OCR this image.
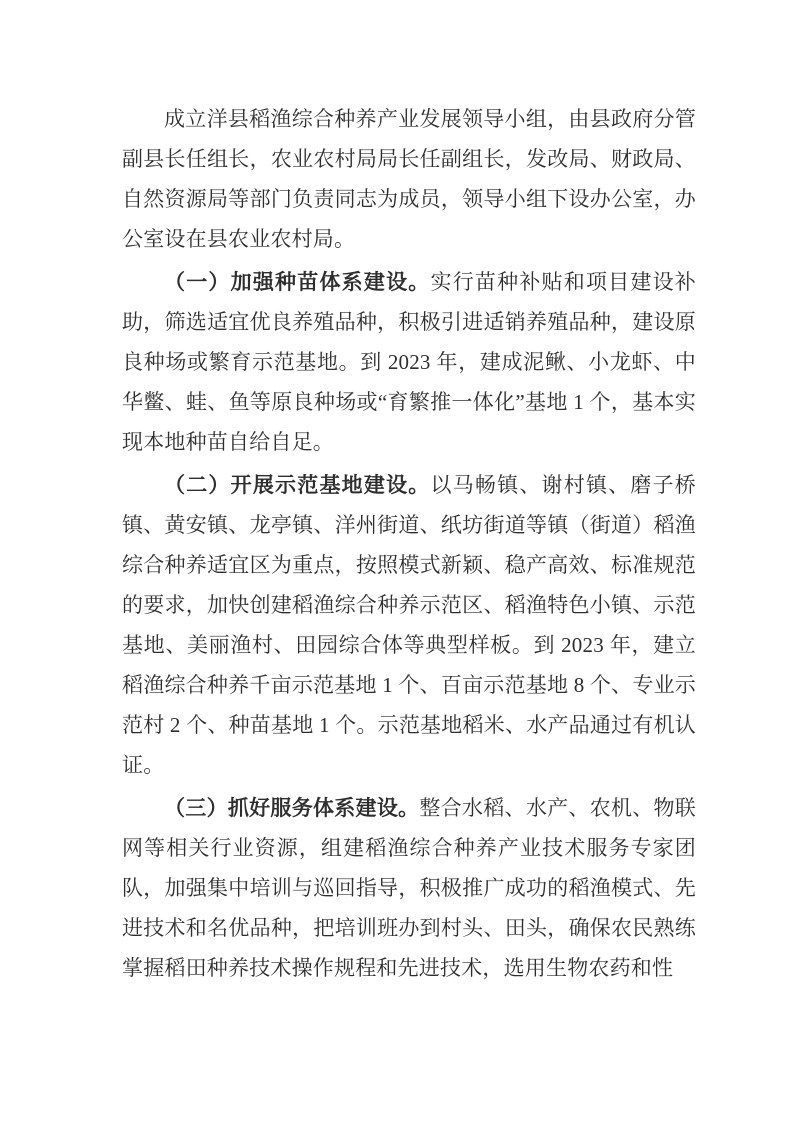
成立洋县稻渔综合种养产业发展领导小组，由县政府分管副县长任组长，农业农村局局长任副组长，发改局、财政局、自然资源局等部门负责同志为成员，领导小组下设办公室，办公室设在县农业农村局。

（一）加强种苗体系建设。实行苗种补贴和项目建设补助，筛选适宜优良养殖品种，积极引进适销养殖品种，建设原良种场或繁育示范基地。到 2023 年，建成泥鳅、小龙虾、中华鳖、蛙、鱼等原良种场或“育繁推一体化”基地 1 个，基本实现本地种苗自给自足。

（二）开展示范基地建设。以马畅镇、谢村镇、磨子桥镇、黄安镇、龙亭镇、洋州街道、纸坊街道等镇（街道）稻渔综合种养适宜区为重点，按照模式新颖、稳产高效、标准规范的要求，加快创建稻渔综合种养示范区、稻渔特色小镇、示范基地、美丽渔村、田园综合体等典型样板。到 2023 年，建立稻渔综合种养千亩示范基地 1 个、百亩示范基地 8 个、专业示范村 2 个、种苗基地 1 个。示范基地稻米、水产品通过有机认证。

（三）抓好服务体系建设。整合水稻、水产、农机、物联网等相关行业资源，组建稻渔综合种养产业技术服务专家团队，加强集中培训与巡回指导，积极推广成功的稻渔模式、先进技术和名优品种，把培训班办到村头、田头，确保农民熟练掌握稻田种养技术操作规程和先进技术，选用生物农药和性
